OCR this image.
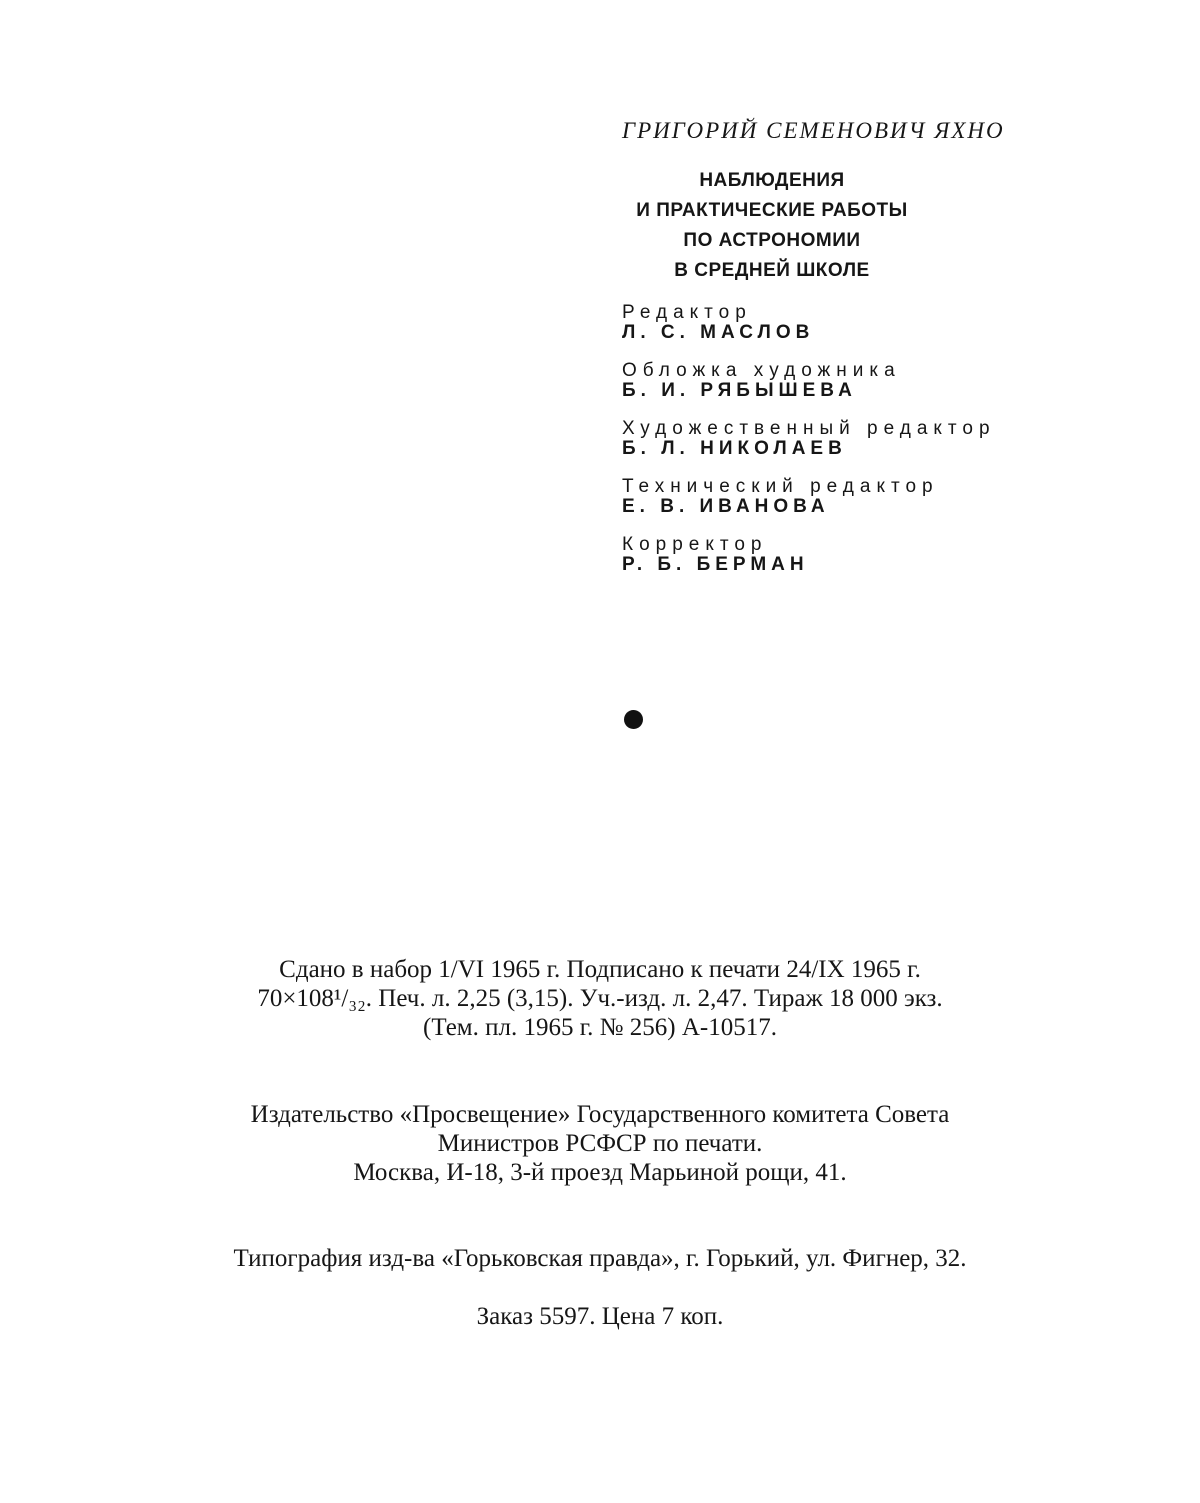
ГРИГОРИЙ СЕМЕНОВИЧ ЯХНО

НАБЛЮДЕНИЯ
И ПРАКТИЧЕСКИЕ РАБОТЫ
ПО АСТРОНОМИИ
В СРЕДНЕЙ ШКОЛЕ
Редактор
Л. С. МАСЛОВ
Обложка художника
Б. И. РЯБЫШЕВА
Художественный редактор
Б. Л. НИКОЛАЕВ
Технический редактор
Е. В. ИВАНОВА
Корректор
Р. Б. БЕРМАН
Сдано в набор 1/VI 1965 г. Подписано к печати 24/IX 1965 г.
70×108¹/₃₂. Печ. л. 2,25 (3,15). Уч.-изд. л. 2,47. Тираж 18 000 экз.
(Тем. пл. 1965 г. № 256) А-10517.
Издательство «Просвещение» Государственного комитета Совета
Министров РСФСР по печати.
Москва, И-18, 3-й проезд Марьиной рощи, 41.
Типография изд-ва «Горьковская правда», г. Горький, ул. Фигнер, 32.
Заказ 5597. Цена 7 коп.
